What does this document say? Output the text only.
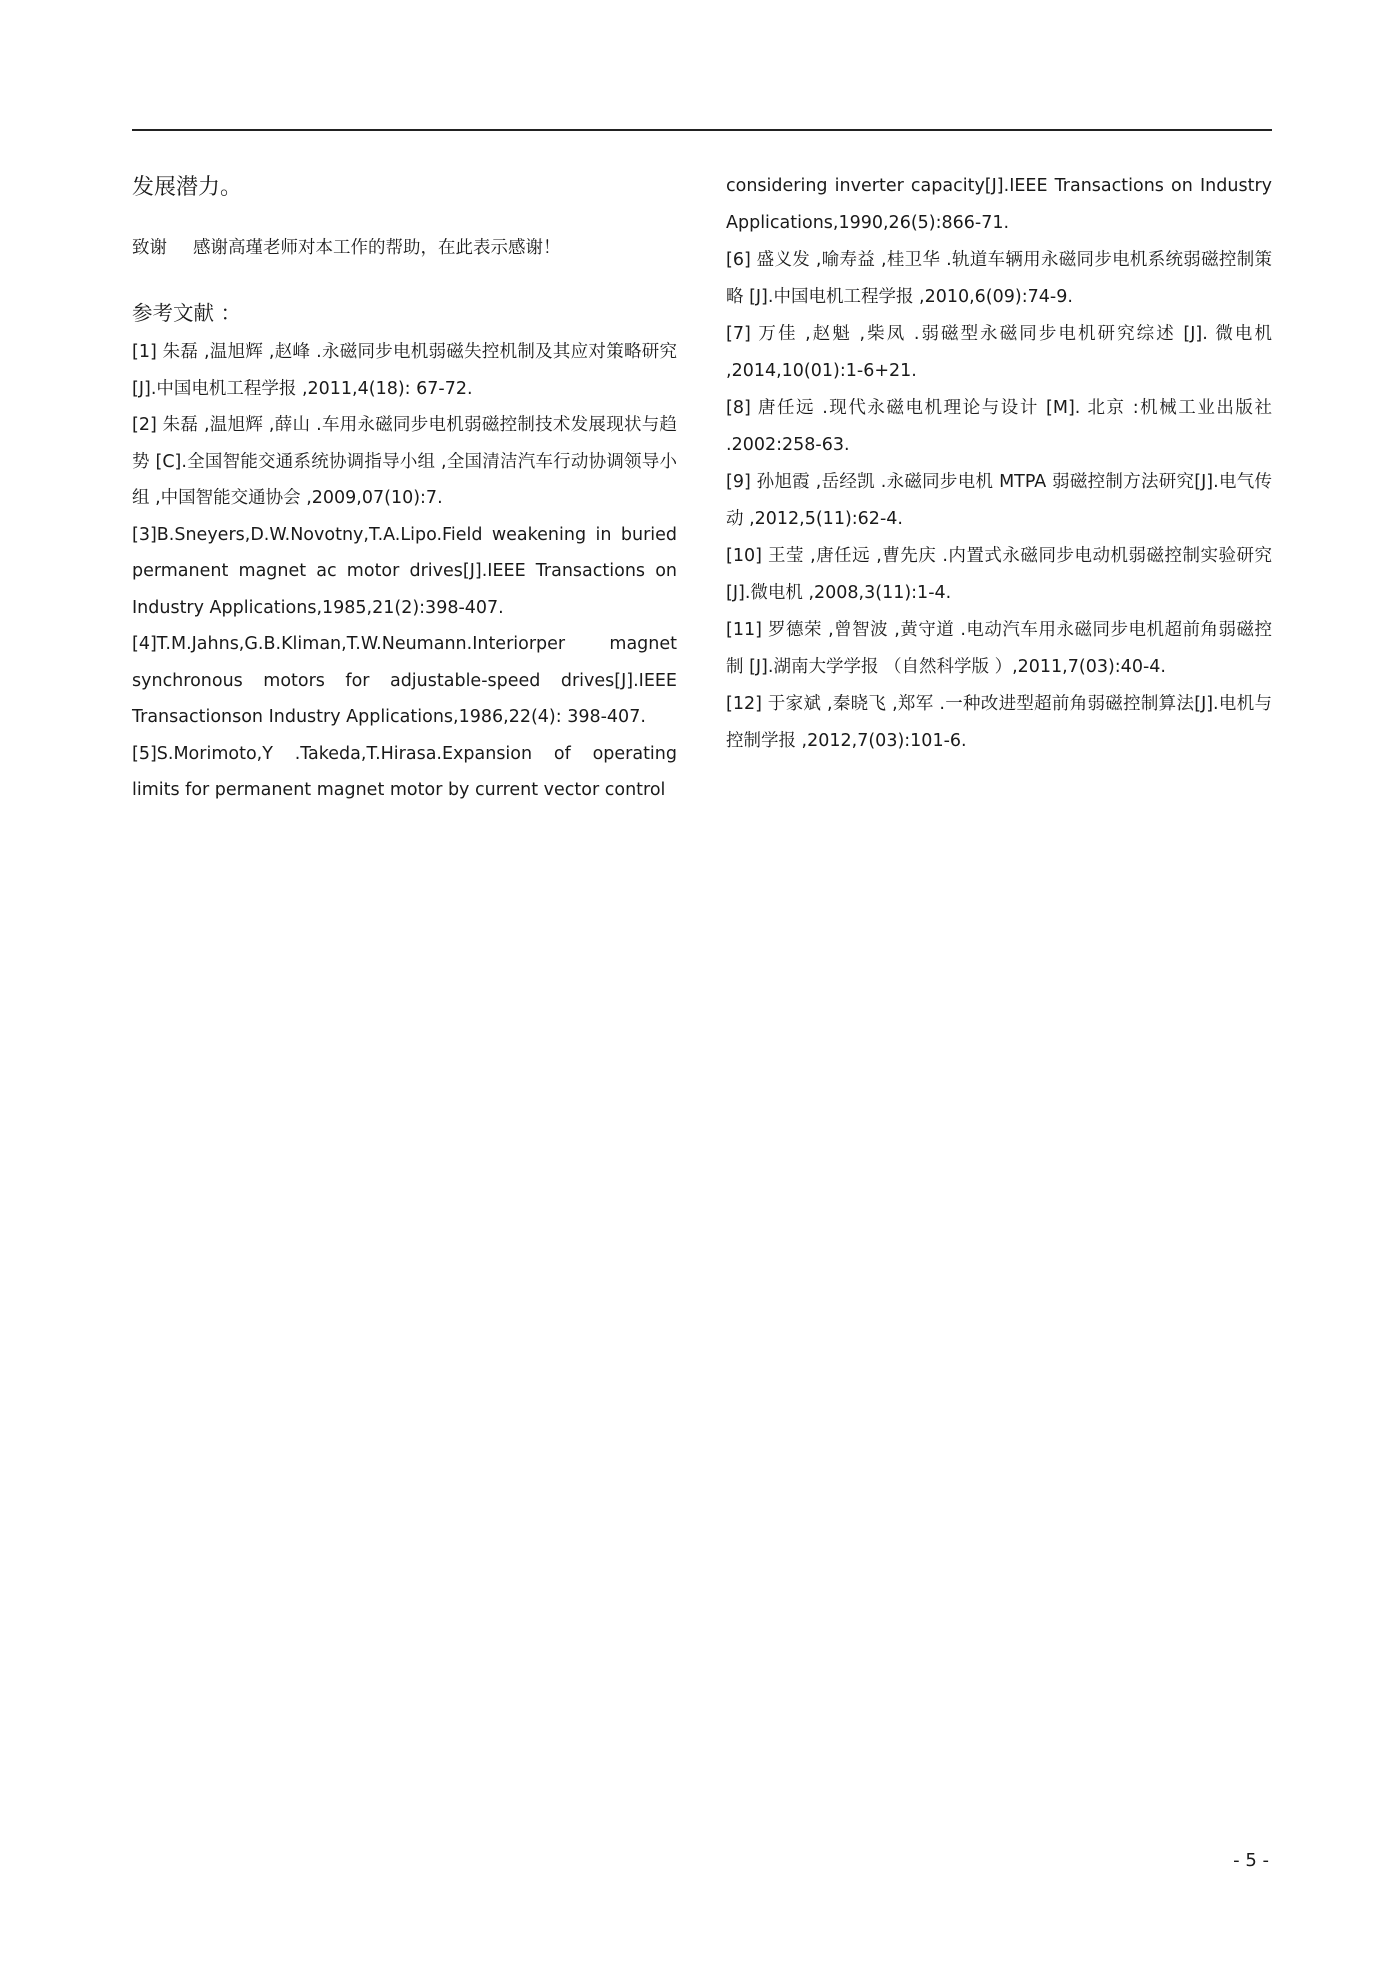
发展潜力。

致谢 感谢高瑾老师对本工作的帮助，在此表示感谢！

参考文献 ：

[1] 朱磊 ,温旭辉 ,赵峰 .永磁同步电机弱磁失控机制及其应对策略研究 [J].中国电机工程学报 ,2011,4(18): 67-72.

[2] 朱磊 ,温旭辉 ,薛山 .车用永磁同步电机弱磁控制技术发展现状与趋势 [C].全国智能交通系统协调指导小组 ,全国清洁汽车行动协调领导小组 ,中国智能交通协会 ,2009,07(10):7.

[3]B.Sneyers,D.W.Novotny,T.A.Lipo.Field weakening in buried permanent magnet ac motor drives[J].IEEE Transactions on Industry Applications,1985,21(2):398-407.

[4]T.M.Jahns,G.B.Kliman,T.W.Neumann.Interiorper magnet synchronous motors for adjustable-speed drives[J].IEEE Transactionson Industry Applications,1986,22(4): 398-407.

[5]S.Morimoto,Y .Takeda,T.Hirasa.Expansion of operating limits for permanent magnet motor by current vector control

considering inverter capacity[J].IEEE Transactions on Industry Applications,1990,26(5):866-71.

[6] 盛义发 ,喻寿益 ,桂卫华 .轨道车辆用永磁同步电机系统弱磁控制策略 [J].中国电机工程学报 ,2010,6(09):74-9.

[7] 万佳 ,赵魁 ,柴凤 .弱磁型永磁同步电机研究综述 [J]. 微电机 ,2014,10(01):1-6+21.

[8] 唐任远 .现代永磁电机理论与设计 [M]. 北京 :机械工业出版社 .2002:258-63.

[9] 孙旭霞 ,岳经凯 .永磁同步电机 MTPA 弱磁控制方法研究[J].电气传动 ,2012,5(11):62-4.

[10] 王莹 ,唐任远 ,曹先庆 .内置式永磁同步电动机弱磁控制实验研究 [J].微电机 ,2008,3(11):1-4.

[11] 罗德荣 ,曾智波 ,黄守道 .电动汽车用永磁同步电机超前角弱磁控制 [J].湖南大学学报 （自然科学版 ）,2011,7(03):40-4.

[12] 于家斌 ,秦晓飞 ,郑军 .一种改进型超前角弱磁控制算法[J].电机与控制学报 ,2012,7(03):101-6.

- 5 -
